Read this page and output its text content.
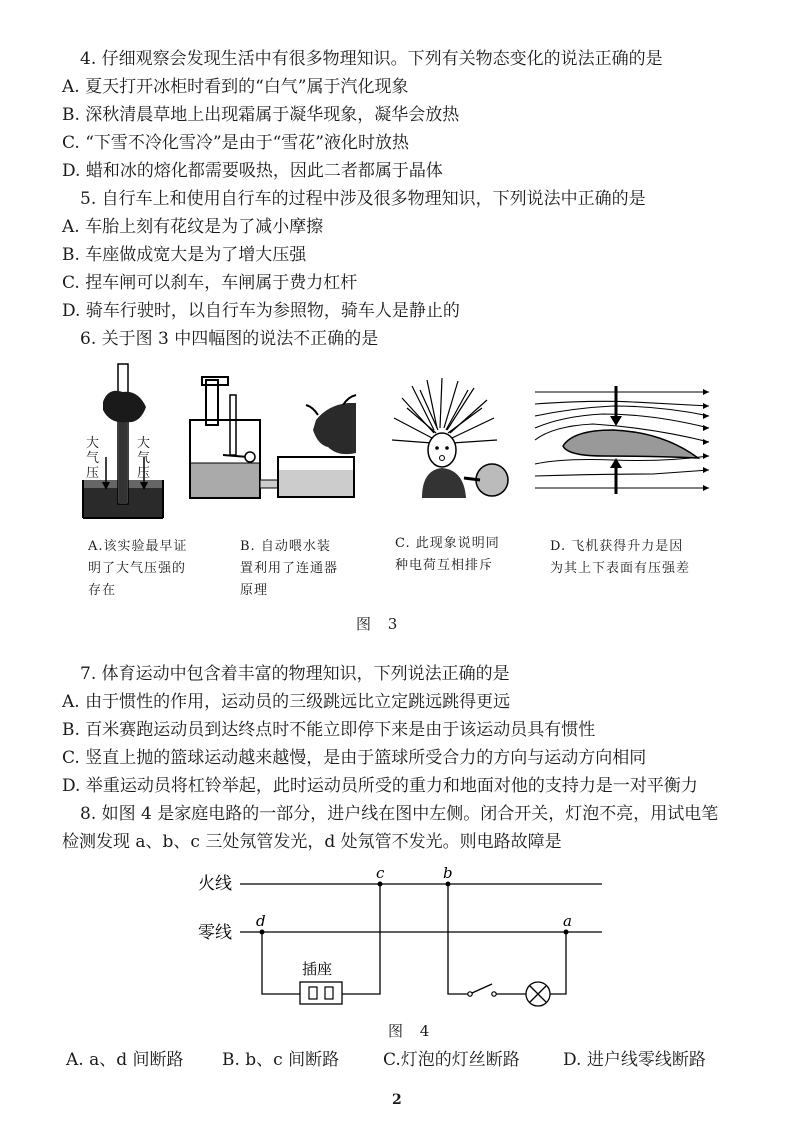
4. 仔细观察会发现生活中有很多物理知识。下列有关物态变化的说法正确的是
A. 夏天打开冰柜时看到的“白气”属于汽化现象
B. 深秋清晨草地上出现霜属于凝华现象，凝华会放热
C. “下雪不冷化雪冷”是由于“雪花”液化时放热
D. 蜡和冰的熔化都需要吸热，因此二者都属于晶体
5. 自行车上和使用自行车的过程中涉及很多物理知识，下列说法中正确的是
A. 车胎上刻有花纹是为了减小摩擦
B. 车座做成宽大是为了增大压强
C. 捏车闸可以刹车，车闸属于费力杠杆
D. 骑车行驶时，以自行车为参照物，骑车人是静止的
6. 关于图 3 中四幅图的说法不正确的是
大气压
大气压
A.该实验最早证
明了大气压强的
存在
B. 自动喂水装
置利用了连通器
原理
C. 此现象说明同
种电荷互相排斥
D. 飞机获得升力是因
为其上下表面有压强差
图 3
7. 体育运动中包含着丰富的物理知识，下列说法正确的是
A. 由于惯性的作用，运动员的三级跳远比立定跳远跳得更远
B. 百米赛跑运动员到达终点时不能立即停下来是由于该运动员具有惯性
C. 竖直上抛的篮球运动越来越慢，是由于篮球所受合力的方向与运动方向相同
D. 举重运动员将杠铃举起，此时运动员所受的重力和地面对他的支持力是一对平衡力
8. 如图 4 是家庭电路的一部分，进户线在图中左侧。闭合开关，灯泡不亮，用试电笔
检测发现 a、b、c 三处氖管发光，d 处氖管不发光。则电路故障是
火线
零线
c	b
d	a
插座
图 4
A. a、d 间断路 B. b、c 间断路	C.灯泡的灯丝断路	D. 进户线零线断路
2
